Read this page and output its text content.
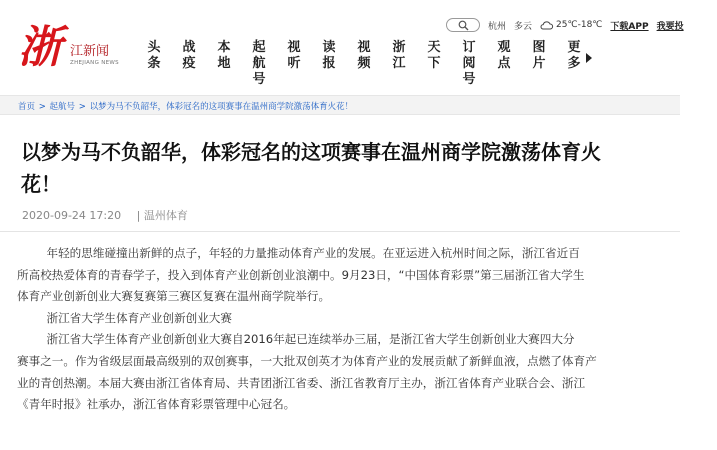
浙 江新闻
ZHEJIANG NEWS
杭州 多云	25℃-18℃ 下载APP 我要投
头条
战疫
本地
起航号
视听
读报
视频
浙江
天下
订阅号
观点
图片
更多
首页 > 起航号 > 以梦为马不负韶华，体彩冠名的这项赛事在温州商学院激荡体育火花！
以梦为马不负韶华，体彩冠名的这项赛事在温州商学院激荡体育火
花！
2020-09-24 17:20 | 温州体育

年轻的思维碰撞出新鲜的点子，年轻的力量推动体育产业的发展。在亚运进入杭州时间之际，浙江省近百

所高校热爱体育的青春学子，投入到体育产业创新创业浪潮中。9月23日，“中国体育彩票”第三届浙江省大学生

体育产业创新创业大赛复赛第三赛区复赛在温州商学院举行。

浙江省大学生体育产业创新创业大赛

浙江省大学生体育产业创新创业大赛自2016年起已连续举办三届，是浙江省大学生创新创业大赛四大分

赛事之一。作为省级层面最高级别的双创赛事，一大批双创英才为体育产业的发展贡献了新鲜血液，点燃了体育产

业的青创热潮。本届大赛由浙江省体育局、共青团浙江省委、浙江省教育厅主办，浙江省体育产业联合会、浙江

《青年时报》社承办，浙江省体育彩票管理中心冠名。
